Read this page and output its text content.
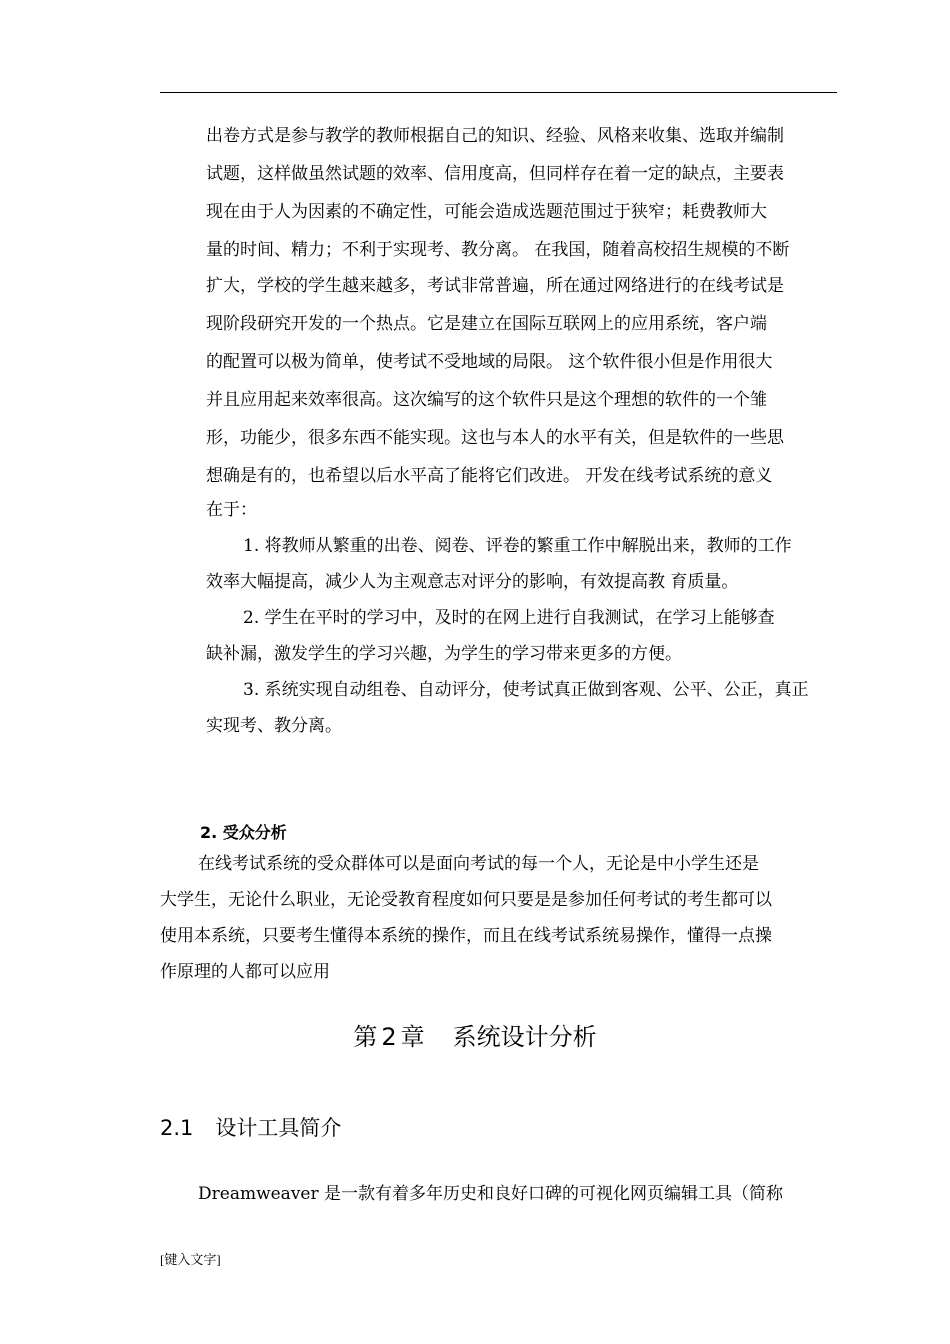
出卷方式是参与教学的教师根据自己的知识、经验、风格来收集、选取并编制
试题，这样做虽然试题的效率、信用度高，但同样存在着一定的缺点，主要表
现在由于人为因素的不确定性，可能会造成选题范围过于狭窄；耗费教师大
量的时间、精力；不利于实现考、教分离。 在我国，随着高校招生规模的不断
扩大，学校的学生越来越多，考试非常普遍，所在通过网络进行的在线考试是
现阶段研究开发的一个热点。它是建立在国际互联网上的应用系统，客户端
的配置可以极为简单，使考试不受地域的局限。 这个软件很小但是作用很大
并且应用起来效率很高。这次编写的这个软件只是这个理想的软件的一个雏
形，功能少，很多东西不能实现。这也与本人的水平有关，但是软件的一些思
想确是有的，也希望以后水平高了能将它们改进。 开发在线考试系统的意义
在于：
1. 将教师从繁重的出卷、阅卷、评卷的繁重工作中解脱出来，教师的工作
效率大幅提高，减少人为主观意志对评分的影响，有效提高教 育质量。
2. 学生在平时的学习中，及时的在网上进行自我测试，在学习上能够查
缺补漏，激发学生的学习兴趣，为学生的学习带来更多的方便。
3. 系统实现自动组卷、自动评分，使考试真正做到客观、公平、公正，真正
实现考、教分离。
2. 受众分析
在线考试系统的受众群体可以是面向考试的每一个人，无论是中小学生还是
大学生，无论什么职业，无论受教育程度如何只要是是参加任何考试的考生都可以
使用本系统，只要考生懂得本系统的操作，而且在线考试系统易操作，懂得一点操
作原理的人都可以应用
第 2 章 系统设计分析
2.1 设计工具简介
Dreamweaver 是一款有着多年历史和良好口碑的可视化网页编辑工具（简称
[键入文字]
